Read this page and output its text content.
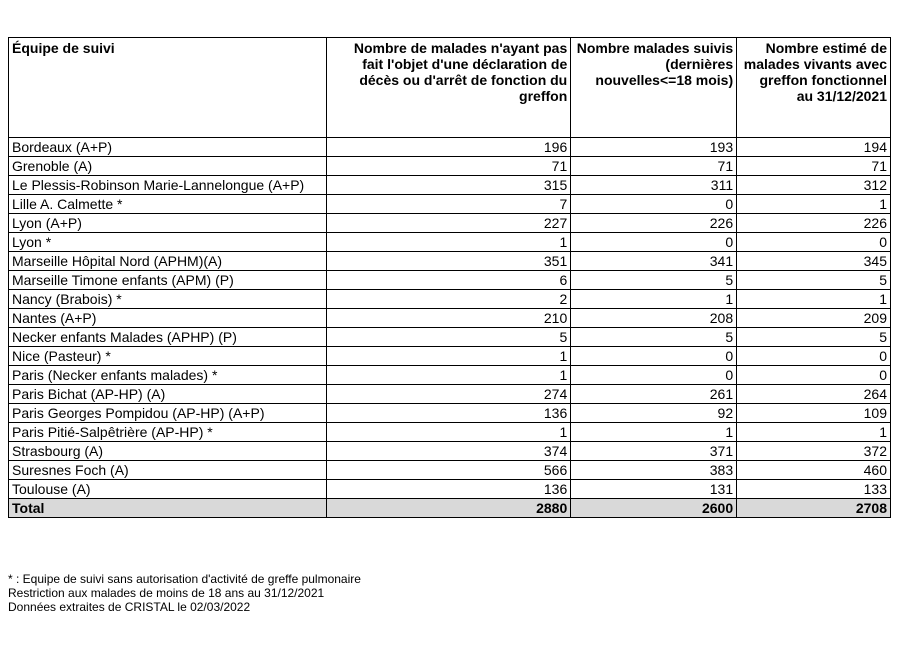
Équipe de suivi	Nombre de malades n'ayant pas fait l'objet d'une déclaration de décès ou d'arrêt de fonction du greffon	Nombre malades suivis (dernières nouvelles<=18 mois)	Nombre estimé de malades vivants avec greffon fonctionnel au 31/12/2021
Bordeaux (A+P)	196	193	194
Grenoble (A)	71	71	71
Le Plessis-Robinson Marie-Lannelongue (A+P)	315	311	312
Lille A. Calmette *	7	0	1
Lyon (A+P)	227	226	226
Lyon *	1	0	0
Marseille Hôpital Nord (APHM)(A)	351	341	345
Marseille Timone enfants (APM) (P)	6	5	5
Nancy (Brabois) *	2	1	1
Nantes (A+P)	210	208	209
Necker enfants Malades (APHP) (P)	5	5	5
Nice (Pasteur) *	1	0	0
Paris (Necker enfants malades) *	1	0	0
Paris Bichat (AP-HP) (A)	274	261	264
Paris Georges Pompidou (AP-HP) (A+P)	136	92	109
Paris Pitié-Salpêtrière (AP-HP) *	1	1	1
Strasbourg (A)	374	371	372
Suresnes Foch (A)	566	383	460
Toulouse (A)	136	131	133
Total	2880	2600	2708
* : Equipe de suivi sans autorisation d'activité de greffe pulmonaire
Restriction aux malades de moins de 18 ans au 31/12/2021
Données extraites de CRISTAL le 02/03/2022
